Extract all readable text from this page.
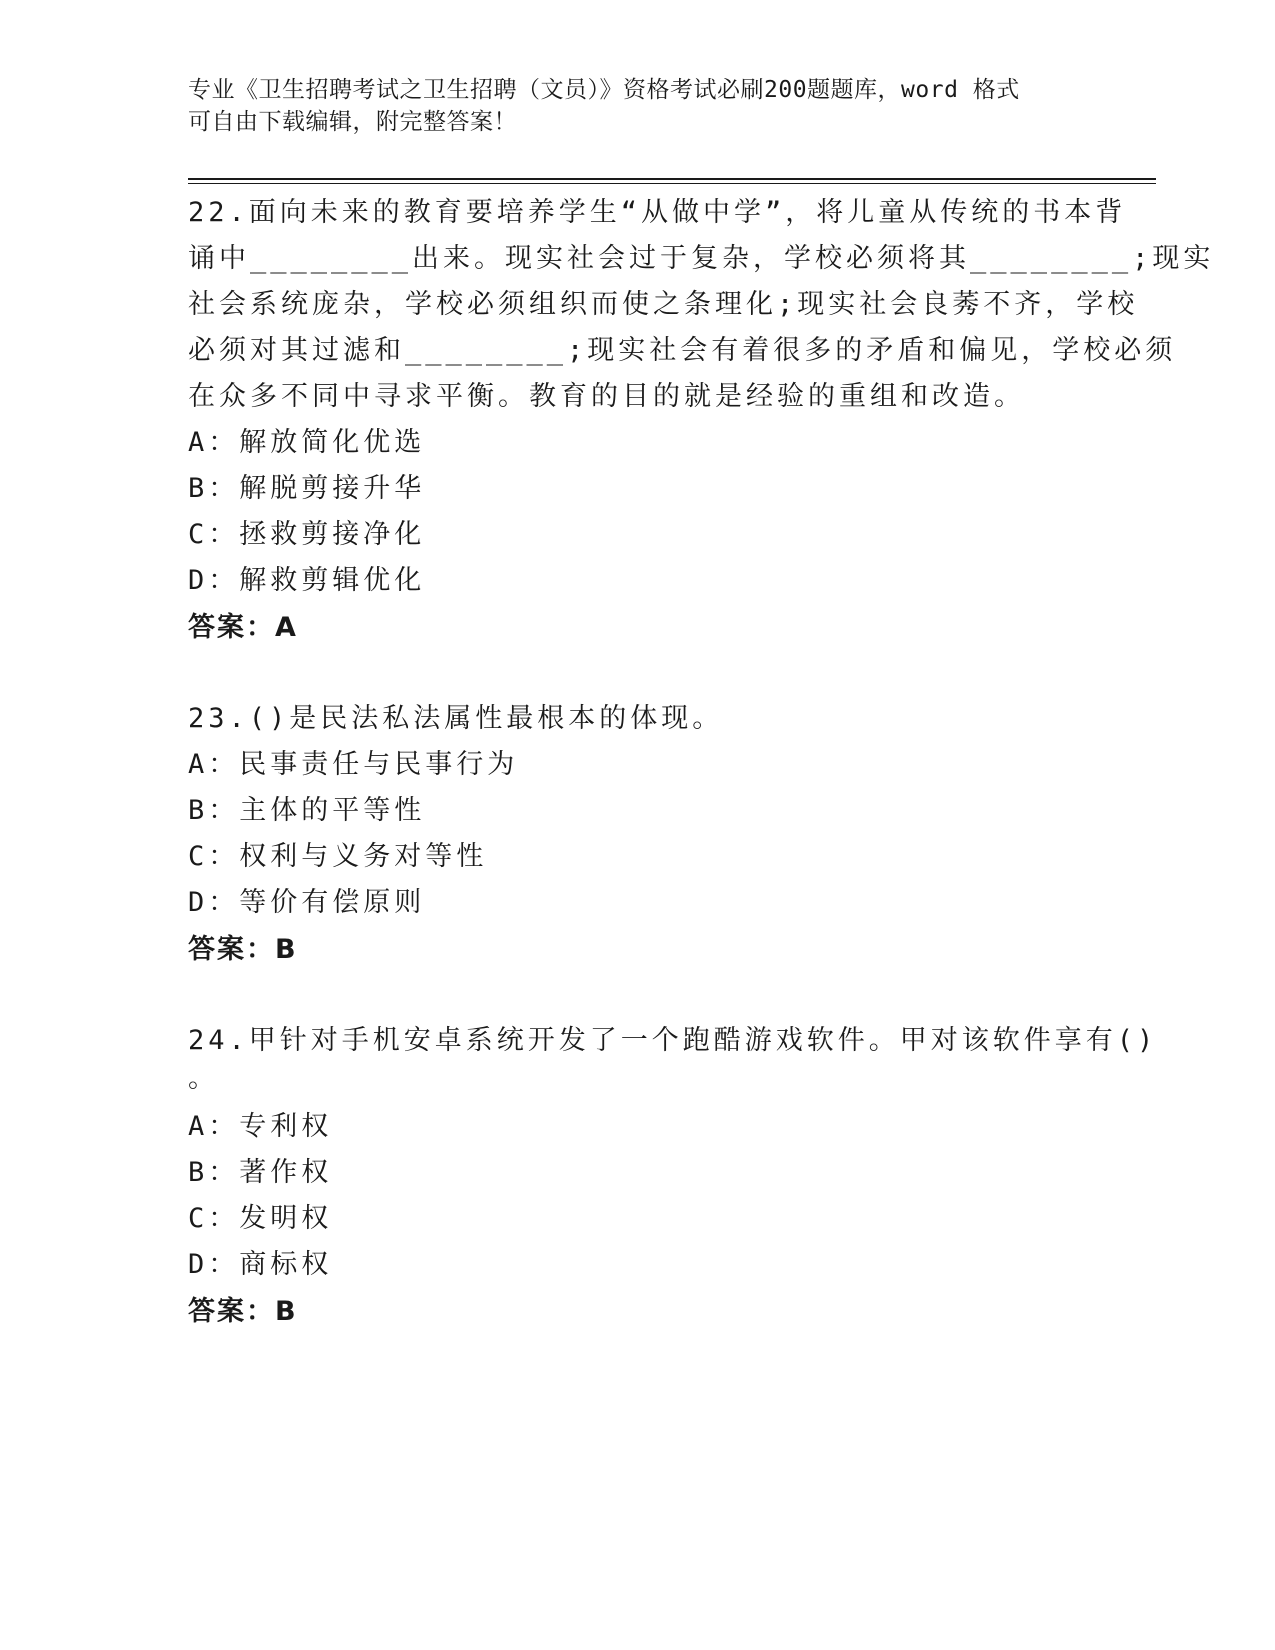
专业《卫生招聘考试之卫生招聘（文员）》资格考试必刷200题题库，word 格式

可自由下载编辑，附完整答案！

22.面向未来的教育要培养学生“从做中学”，将儿童从传统的书本背
诵中________出来。现实社会过于复杂，学校必须将其________;现实
社会系统庞杂，学校必须组织而使之条理化;现实社会良莠不齐，学校
必须对其过滤和________;现实社会有着很多的矛盾和偏见，学校必须
在众多不同中寻求平衡。教育的目的就是经验的重组和改造。
A：解放简化优选
B：解脱剪接升华
C：拯救剪接净化
D：解救剪辑优化
答案：A
23.()是民法私法属性最根本的体现。
A：民事责任与民事行为
B：主体的平等性
C：权利与义务对等性
D：等价有偿原则
答案：B
24.甲针对手机安卓系统开发了一个跑酷游戏软件。甲对该软件享有()
。
A：专利权
B：著作权
C：发明权
D：商标权
答案：B
